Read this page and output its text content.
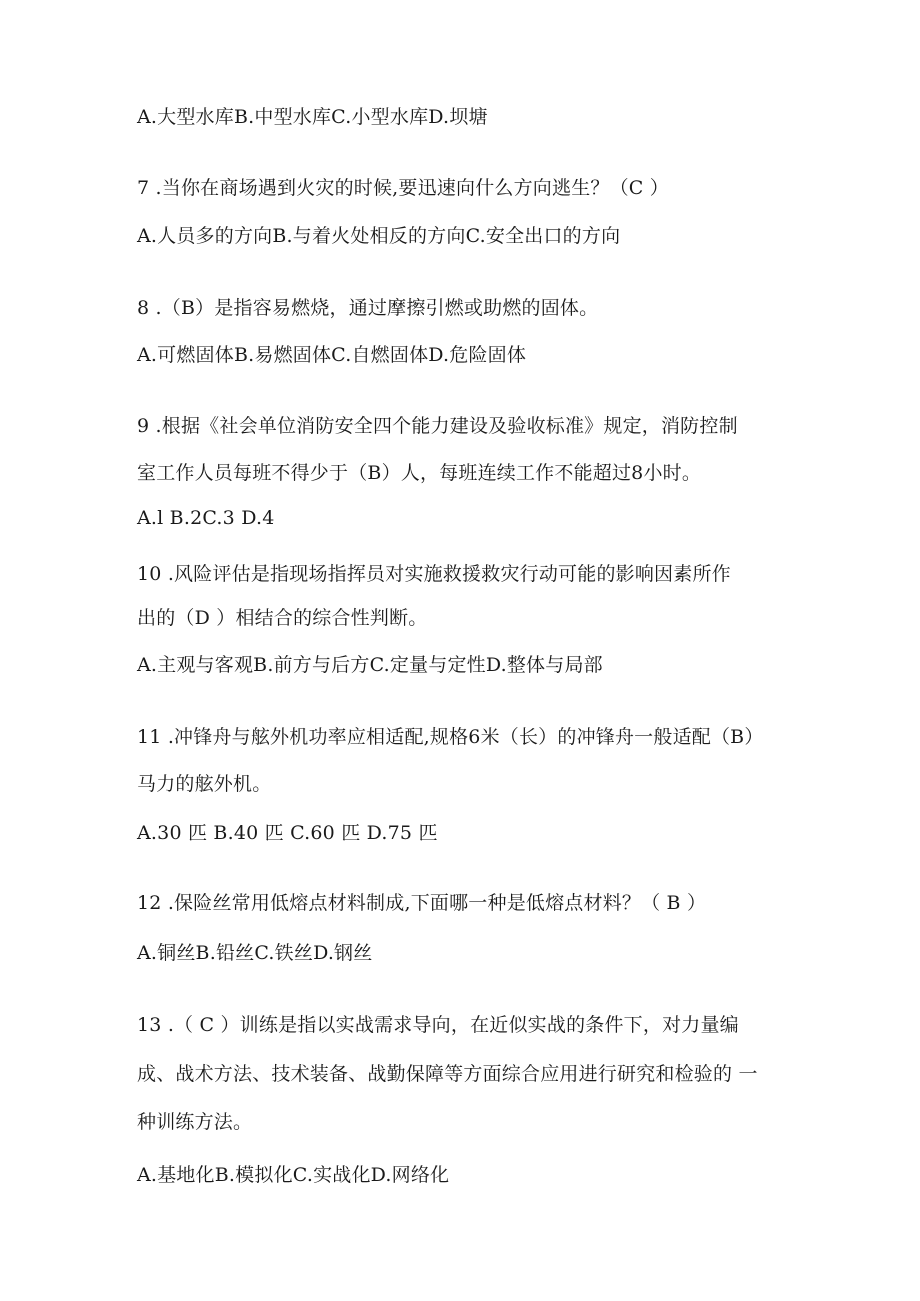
A.大型水库B.中型水库C.小型水库D.坝塘
7 .当你在商场遇到火灾的时候,要迅速向什么方向逃生？（C ）
A.人员多的方向B.与着火处相反的方向C.安全出口的方向
8 .（B）是指容易燃烧，通过摩擦引燃或助燃的固体。
A.可燃固体B.易燃固体C.自燃固体D.危险固体
9 .根据《社会单位消防安全四个能力建设及验收标准》规定，消防控制
室工作人员每班不得少于（B）人，每班连续工作不能超过8小时。
A.l B.2C.3 D.4
10 .风险评估是指现场指挥员对实施救援救灾行动可能的影响因素所作
出的（D ）相结合的综合性判断。
A.主观与客观B.前方与后方C.定量与定性D.整体与局部
11 .冲锋舟与舷外机功率应相适配,规格6米（长）的冲锋舟一般适配（B）
马力的舷外机。
A.30 匹 B.40 匹 C.60 匹 D.75 匹
12 .保险丝常用低熔点材料制成,下面哪一种是低熔点材料？（ B ）
A.铜丝B.铅丝C.铁丝D.钢丝
13 .（ C ）训练是指以实战需求导向，在近似实战的条件下，对力量编
成、战术方法、技术装备、战勤保障等方面综合应用进行研究和检验的 一
种训练方法。
A.基地化B.模拟化C.实战化D.网络化
